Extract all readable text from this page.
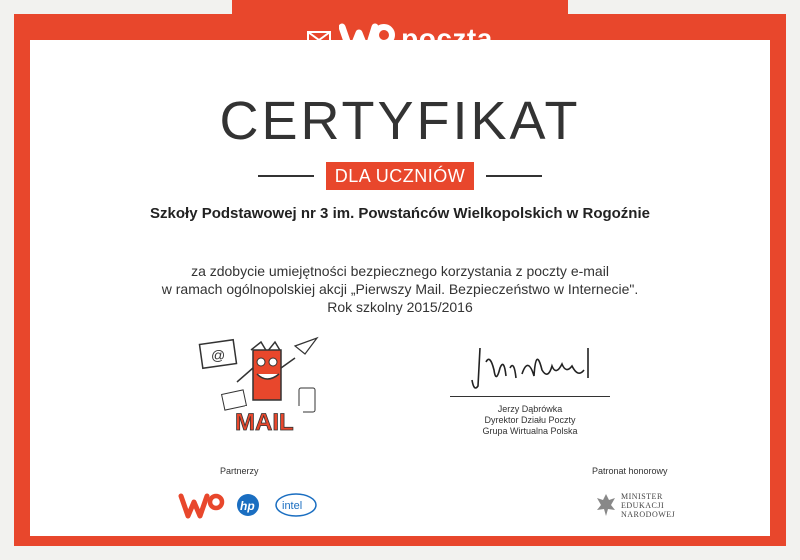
poczta
CERTYFIKAT
DLA UCZNIÓW
Szkoły Podstawowej nr 3 im. Powstańców Wielkopolskich w Rogoźnie
za zdobycie umiejętności bezpiecznego korzystania z poczty e-mail
w ramach ogólnopolskiej akcji „Pierwszy Mail. Bezpieczeństwo w Internecie".
Rok szkolny 2015/2016
@
MAIL	Jerzy Dąbrówka
Dyrektor Działu Poczty
Grupa Wirtualna Polska
Partnerzy	Patronat honorowy
hp intel
MINISTER
EDUKACJI
NARODOWEJ
